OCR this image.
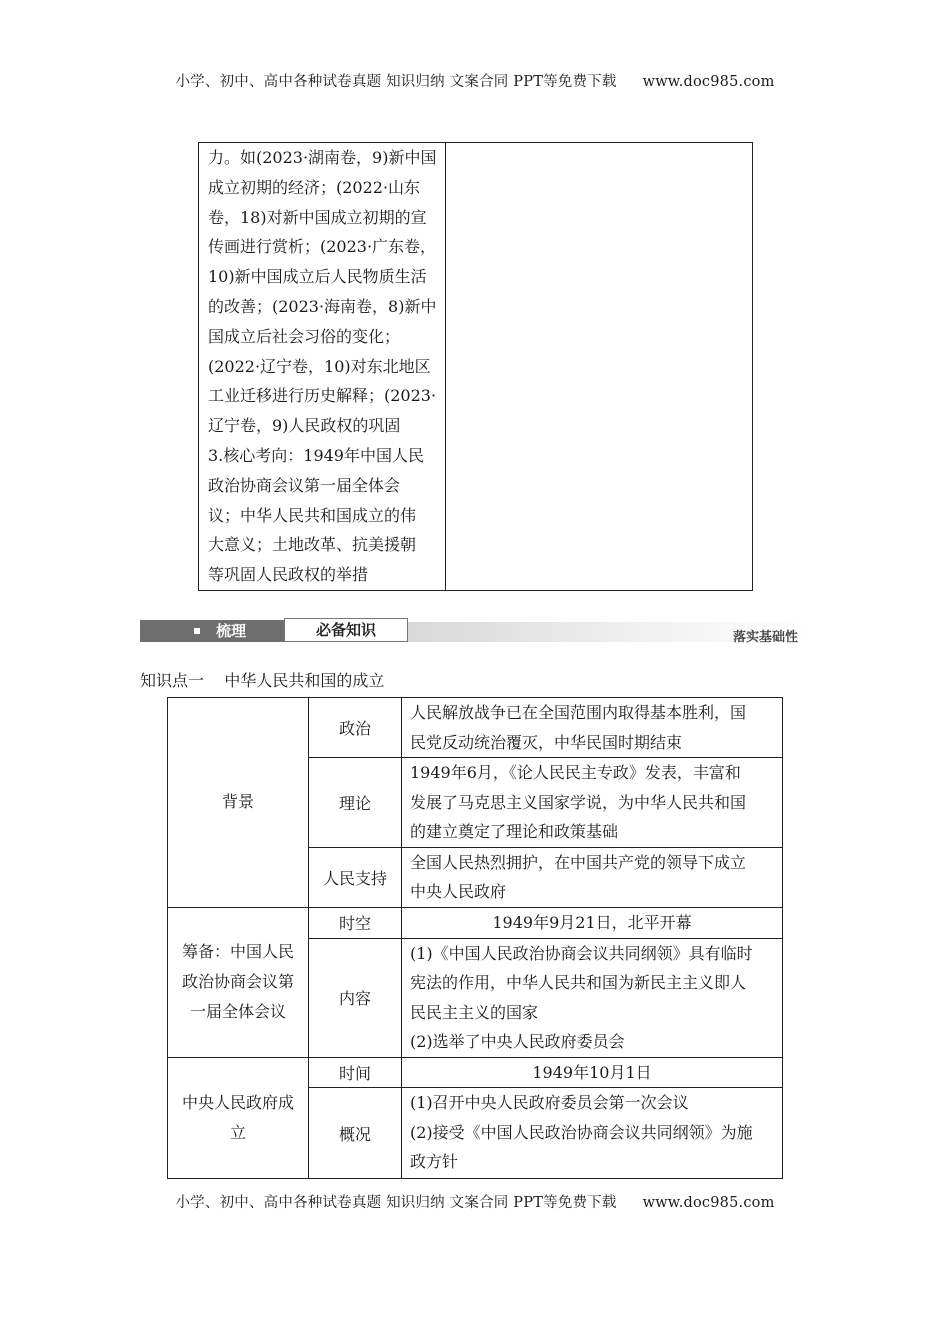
小学、初中、高中各种试卷真题 知识归纳 文案合同 PPT等免费下载 www.doc985.com
力。如(2023·湖南卷，9)新中国
成立初期的经济；(2022·山东
卷，18)对新中国成立初期的宣
传画进行赏析；(2023·广东卷，
10)新中国成立后人民物质生活
的改善；(2023·海南卷，8)新中
国成立后社会习俗的变化；
(2022·辽宁卷，10)对东北地区
工业迁移进行历史解释；(2023·
辽宁卷，9)人民政权的巩固
3.核心考向：1949年中国人民
政治协商会议第一届全体会
议；中华人民共和国成立的伟
大意义；土地改革、抗美援朝
等巩固人民政权的举措

梳理	必备知识	落实基础性
知识点一    中华人民共和国的成立
背景	政治	人民解放战争已在全国范围内取得基本胜利，国
民党反动统治覆灭，中华民国时期结束

	理论	1949年6月，《论人民民主专政》发表，丰富和
发展了马克思主义国家学说，为中华人民共和国
的建立奠定了理论和政策基础

	人民支持	全国人民热烈拥护，在中国共产党的领导下成立
中央人民政府

筹备：中国人民
政治协商会议第
一届全体会议	时空	1949年9月21日，北平开幕
	内容	(1)《中国人民政治协商会议共同纲领》具有临时
宪法的作用，中华人民共和国为新民主主义即人
民民主主义的国家
(2)选举了中央人民政府委员会

中央人民政府成
立	时间	1949年10月1日
	概况	(1)召开中央人民政府委员会第一次会议
(2)接受《中国人民政治协商会议共同纲领》为施
政方针
小学、初中、高中各种试卷真题 知识归纳 文案合同 PPT等免费下载 www.doc985.com
